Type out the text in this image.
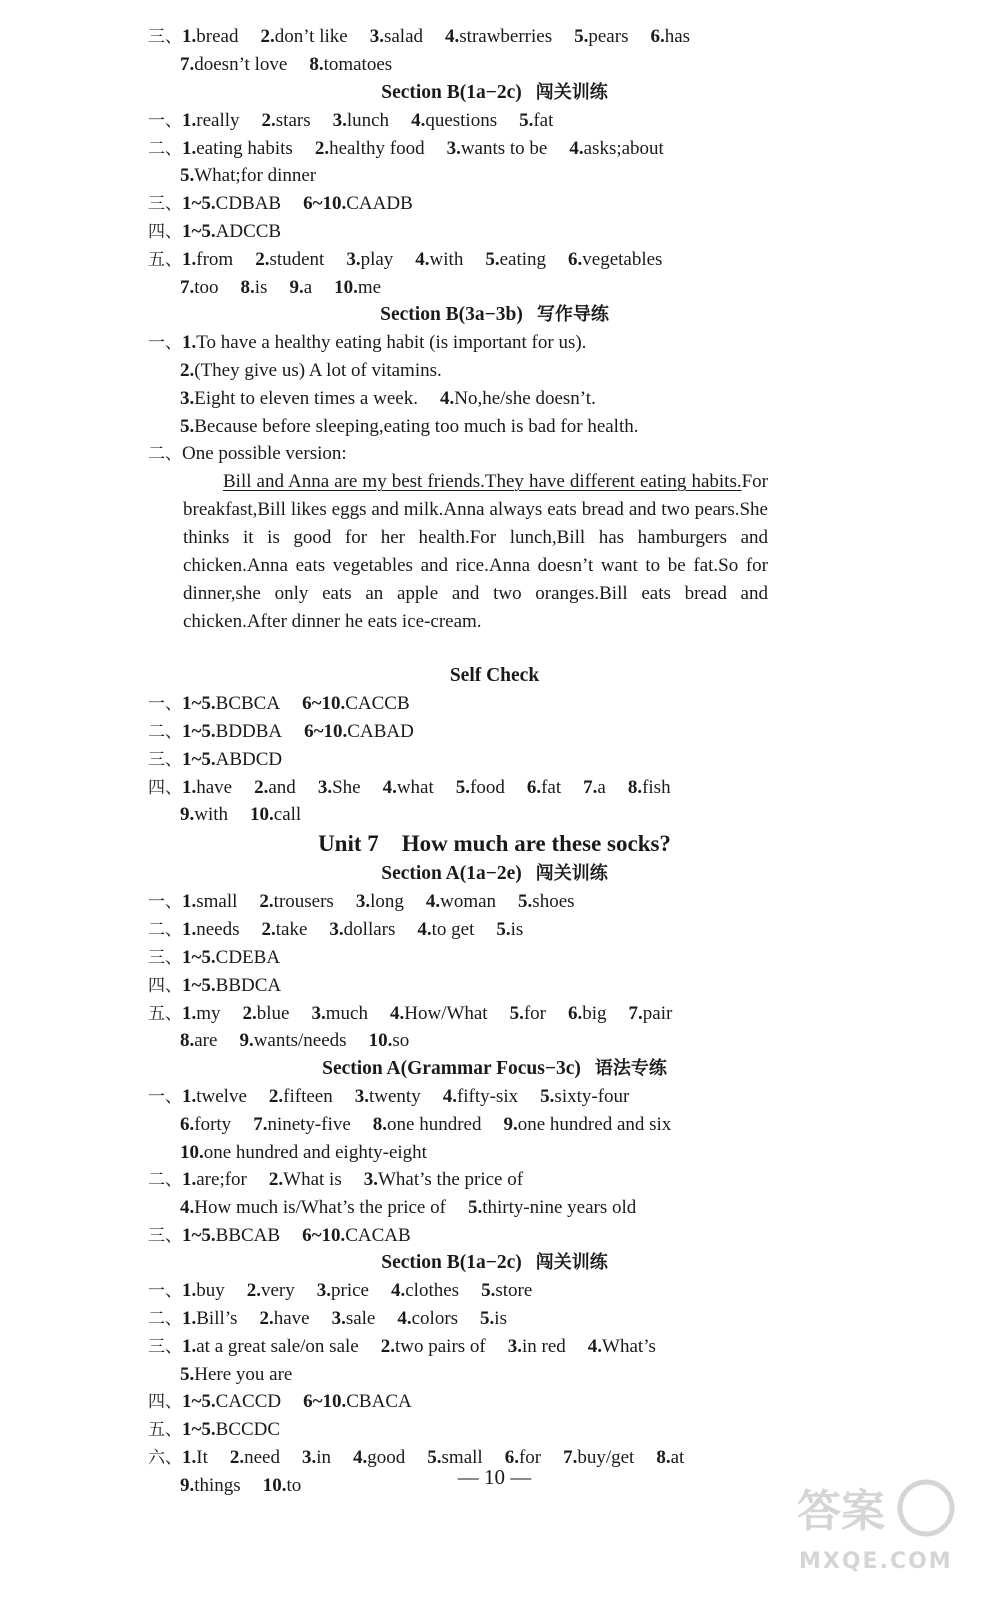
三、1.bread 2.don’t like 3.salad 4.strawberries 5.pears 6.has
7.doesn’t love 8.tomatoes
Section B(1a−2c) 闯关训练
一、1.really 2.stars 3.lunch 4.questions 5.fat
二、1.eating habits 2.healthy food 3.wants to be 4.asks;about
5.What;for dinner
三、1~5.CDBAB 6~10.CAADB
四、1~5.ADCCB
五、1.from 2.student 3.play 4.with 5.eating 6.vegetables
7.too 8.is 9.a 10.me
Section B(3a−3b) 写作导练
一、1.To have a healthy eating habit (is important for us).
2.(They give us) A lot of vitamins.
3.Eight to eleven times a week. 4.No,he/she doesn’t.
5.Because before sleeping,eating too much is bad for health.
二、One possible version:
Bill and Anna are my best friends.They have different eating habits.For breakfast,Bill likes eggs and milk.Anna always eats bread and two pears.She thinks it is good for her health.For lunch,Bill has hamburgers and chicken.Anna eats vegetables and rice.Anna doesn’t want to be fat.So for dinner,she only eats an apple and two oranges.Bill eats bread and chicken.After dinner he eats ice-cream.
Self Check
一、1~5.BCBCA 6~10.CACCB
二、1~5.BDDBA 6~10.CABAD
三、1~5.ABDCD
四、1.have 2.and 3.She 4.what 5.food 6.fat 7.a 8.fish
9.with 10.call
Unit 7    How much are these socks?
Section A(1a−2e) 闯关训练
一、1.small 2.trousers 3.long 4.woman 5.shoes
二、1.needs 2.take 3.dollars 4.to get 5.is
三、1~5.CDEBA
四、1~5.BBDCA
五、1.my 2.blue 3.much 4.How/What 5.for 6.big 7.pair
8.are 9.wants/needs 10.so
Section A(Grammar Focus−3c) 语法专练
一、1.twelve 2.fifteen 3.twenty 4.fifty-six 5.sixty-four
6.forty 7.ninety-five 8.one hundred 9.one hundred and six
10.one hundred and eighty-eight
二、1.are;for 2.What is 3.What’s the price of
4.How much is/What’s the price of 5.thirty-nine years old
三、1~5.BBCAB 6~10.CACAB
Section B(1a−2c) 闯关训练
一、1.buy 2.very 3.price 4.clothes 5.store
二、1.Bill’s 2.have 3.sale 4.colors 5.is
三、1.at a great sale/on sale 2.two pairs of 3.in red 4.What’s
5.Here you are
四、1~5.CACCD 6~10.CBACA
五、1~5.BCCDC
六、1.It 2.need 3.in 4.good 5.small 6.for 7.buy/get 8.at
9.things 10.to	— 10 —
答案
MXQE.COM
